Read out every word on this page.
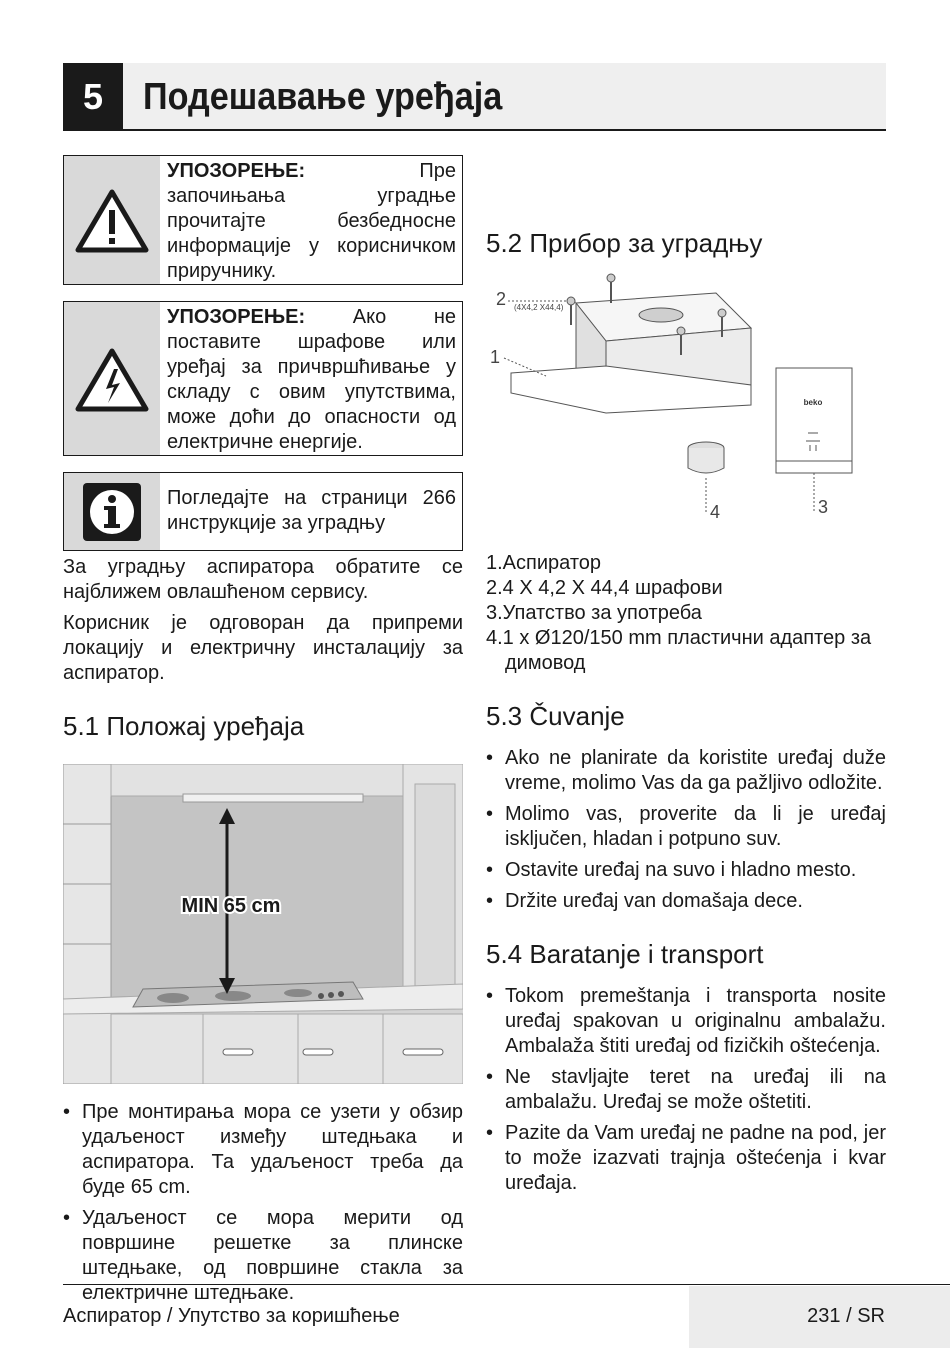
5	Подешавање уређаја
УПОЗОРЕЊЕ: Пре започињања уградње прочитајте безбедносне информације у корисничком приручнику.
УПОЗОРЕЊЕ: Ако не поставите шрафове или уређај за причвршћивање у складу с овим упутствима, може доћи до опасности од електричне енергије.
Погледајте на страници 266 инструкције за уградњу

За уградњу аспиратора обратите се најближем овлашћеном сервису.

Корисник је одговоран да припреми локацију и електричну инсталацију за аспиратор.

5.1 Положај уређаја
MIN 65 cm
• Пре монтирања мора се узети у обзир удаљеност између штедњака и аспиратора. Та удаљеност треба да буде 65 cm.
• Удаљеност се мора мерити од површине решетке за плинске штедњаке, од површине стакла за електричне штедњаке.
5.2 Прибор за уградњу
2 (4X4,2 X44,4)
1
4
beko
3
1.Аспиратор
2.4 X 4,2 X 44,4 шрафови
3.Упатство за употреба
4.1 x Ø120/150 mm пластични адаптер за димовод
5.3 Čuvanje
• Ako ne planirate da koristite uređaj duže vreme, molimo Vas da ga pažljivo odložite.
• Molimo vas, proverite da li je uređaj isključen, hladan i potpuno suv.
• Ostavite uređaj na suvo i hladno mesto.
• Držite uređaj van domašaja dece.
5.4 Baratanje i transport
• Tokom premeštanja i transporta nosite uređaj spakovan u originalnu ambalažu. Ambalaža štiti uređaj od fizičkih oštećenja.
• Ne stavljajte teret na uređaj ili na ambalažu. Uređaj se može oštetiti.
• Pazite da Vam uređaj ne padne na pod, jer to može izazvati trajnja oštećenja i kvar uređaja.
Аспиратор / Упутство за коришћење	231 / SR
